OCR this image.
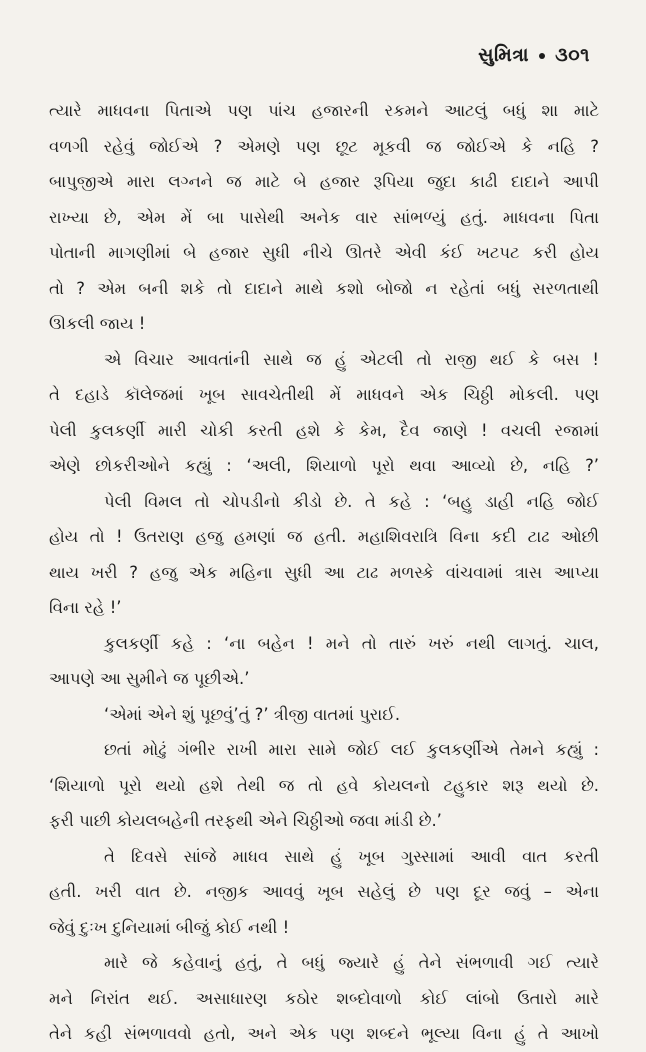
સુમિત્રા ૩૦૧
ત્યારે માધવના પિતાએ પણ પાંચ હજારની રકમને આટલું બધું શા માટે
વળગી રહેવું જોઈએ ? એમણે પણ છૂટ મૂકવી જ જોઈએ કે નહિ ?
બાપુજીએ મારા લગ્નને જ માટે બે હજાર રૂપિયા જુદા કાઢી દાદાને આપી
રાખ્યા છે, એમ મેં બા પાસેથી અનેક વાર સાંભળ્યું હતું. માધવના પિતા
પોતાની માગણીમાં બે હજાર સુધી નીચે ઊતરે એવી કંઈ ખટપટ કરી હોય
તો ? એમ બની શકે તો દાદાને માથે કશો બોજો ન રહેતાં બધું સરળતાથી
ઊકલી જાય !
એ વિચાર આવતાંની સાથે જ હું એટલી તો રાજી થઈ કે બસ !
તે દહાડે કૉલેજમાં ખૂબ સાવચેતીથી મેં માધવને એક ચિઠ્ઠી મોકલી. પણ
પેલી કુલકર્ણી મારી ચોકી કરતી હશે કે કેમ, દૈવ જાણે ! વચલી રજામાં
એણે છોકરીઓને કહ્યું : ‘અલી, શિયાળો પૂરો થવા આવ્યો છે, નહિ ?’
પેલી વિમલ તો ચોપડીનો કીડો છે. તે કહે : ‘બહુ ડાહી નહિ જોઈ
હોય તો ! ઉતરાણ હજુ હમણાં જ હતી. મહાશિવરાત્રિ વિના કદી ટાઢ ઓછી
થાય ખરી ? હજુ એક મહિના સુધી આ ટાઢ મળસ્કે વાંચવામાં ત્રાસ આપ્યા
વિના રહે !’
કુલકર્ણી કહે : ‘ના બહેન ! મને તો તારું ખરું નથી લાગતું. ચાલ,
આપણે આ સુમીને જ પૂછીએ.’
‘એમાં એને શું પૂછવું’તું ?’ ત્રીજી વાતમાં પુરાઈ.
છતાં મોઢું ગંભીર રાખી મારા સામે જોઈ લઈ કુલકર્ણીએ તેમને કહ્યું :
‘શિયાળો પૂરો થયો હશે તેથી જ તો હવે કોયલનો ટહુકાર શરૂ થયો છે.
ફરી પાછી કોયલબહેની તરફથી એને ચિઠ્ઠીઓ જવા માંડી છે.’
તે દિવસે સાંજે માધવ સાથે હું ખૂબ ગુસ્સામાં આવી વાત કરતી
હતી. ખરી વાત છે. નજીક આવવું ખૂબ સહેલું છે પણ દૂર જવું – એના
જેવું દુઃખ દુનિયામાં બીજું કોઈ નથી !
મારે જે કહેવાનું હતું, તે બધું જ્યારે હું તેને સંભળાવી ગઈ ત્યારે
મને નિરાંત થઈ. અસાધારણ કઠોર શબ્દોવાળો કોઈ લાંબો ઉતારો મારે
તેને કહી સંભળાવવો હતો, અને એક પણ શબ્દને ભૂલ્યા વિના હું તે આખો
